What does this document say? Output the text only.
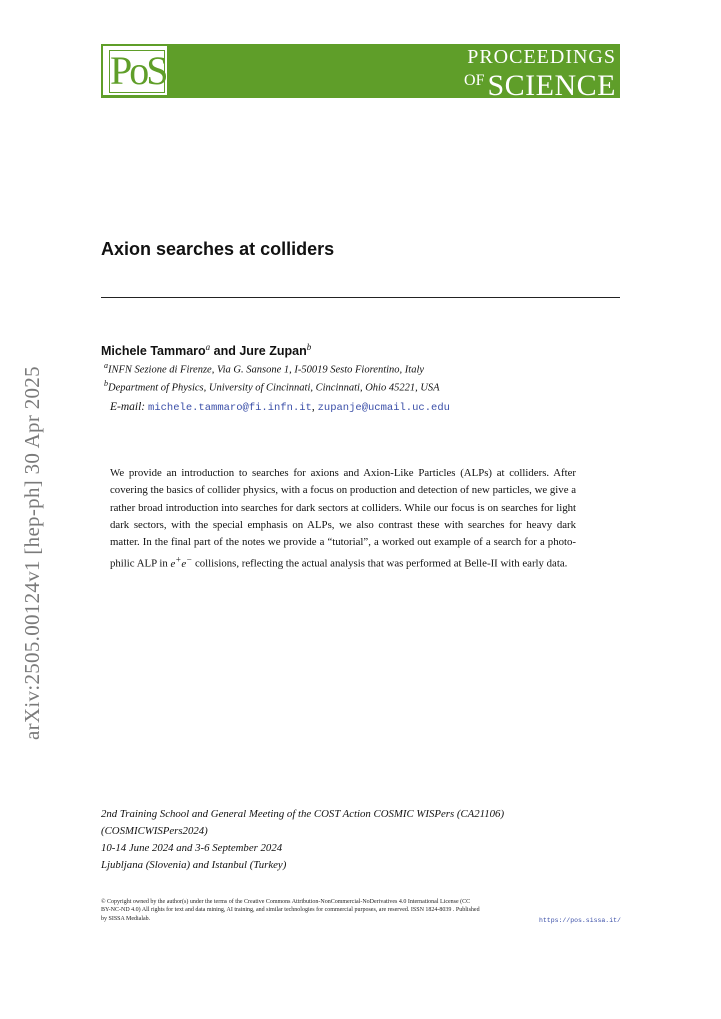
PoS	PROCEEDINGS
OF SCIENCE
arXiv:2505.00124v1 [hep-ph] 30 Apr 2025
Axion searches at colliders
Michele Tammaro$^a$ and Jure Zupan$^b$
$^a$INFN Sezione di Firenze, Via G. Sansone 1, I-50019 Sesto Fiorentino, Italy
$^b$Department of Physics, University of Cincinnati, Cincinnati, Ohio 45221, USA
E-mail: michele.tammaro@fi.infn.it, zupanje@ucmail.uc.edu
We provide an introduction to searches for axions and Axion-Like Particles (ALPs) at colliders. After covering the basics of collider physics, with a focus on production and detection of new particles, we give a rather broad introduction into searches for dark sectors at colliders. While our focus is on searches for light dark sectors, with the special emphasis on ALPs, we also contrast these with searches for heavy dark matter. In the final part of the notes we provide a “tutorial”, a worked out example of a search for a photo-philic ALP in e+e− collisions, reflecting the actual analysis that was performed at Belle-II with early data.
2nd Training School and General Meeting of the COST Action COSMIC WISPers (CA21106)
(COSMICWISPers2024)
10-14 June 2024 and 3-6 September 2024
Ljubljana (Slovenia) and Istanbul (Turkey)
© Copyright owned by the author(s) under the terms of the Creative Commons Attribution-NonCommercial-NoDerivatives 4.0 International License (CC BY-NC-ND 4.0) All rights for text and data mining, AI training, and similar technologies for commercial purposes, are reserved. ISSN 1824-8039 . Published by SISSA Medialab.	https://pos.sissa.it/
